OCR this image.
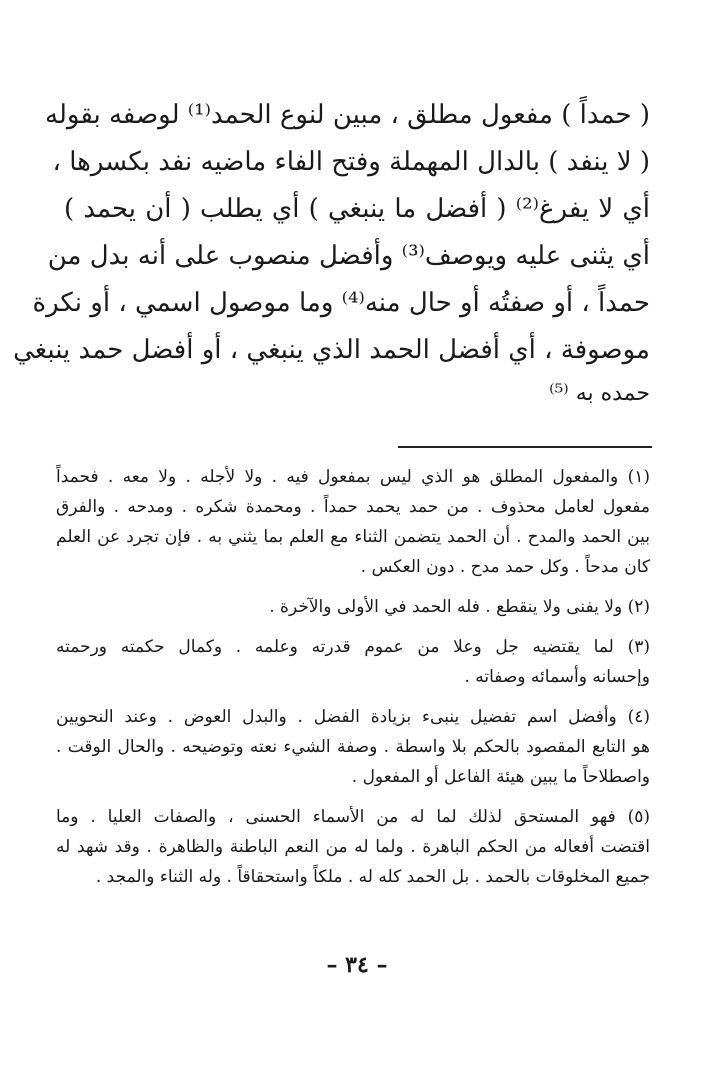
( حمداً ) مفعول مطلق ، مبين لنوع الحمد⁽¹⁾ لوصفه بقوله
( لا ينفد ) بالدال المهملة وفتح الفاء ماضيه نفد بكسرها ،
أي لا يفرغ⁽²⁾ ( أفضل ما ينبغي ) أي يطلب ( أن يحمد )
أي يثنى عليه ويوصف⁽³⁾ وأفضل منصوب على أنه بدل من
حمداً ، أو صفتُه أو حال منه⁽⁴⁾ وما موصول اسمي ، أو نكرة
موصوفة ، أي أفضل الحمد الذي ينبغي ، أو أفضل حمد ينبغي
حمده به ⁽⁵⁾
(١) والمفعول المطلق هو الذي ليس بمفعول فيه . ولا لأجله . ولا معه . فحمداً
مفعول لعامل محذوف . من حمد يحمد حمداً . ومحمدة شكره . ومدحه . والفرق
بين الحمد والمدح . أن الحمد يتضمن الثناء مع العلم بما يثني به . فإن تجرد عن العلم
كان مدحاً . وكل حمد مدح . دون العكس .
(٢) ولا يفنى ولا ينقطع . فله الحمد في الأولى والآخرة .
(٣) لما يقتضيه جل وعلا من عموم قدرته وعلمه . وكمال حكمته ورحمته
وإحسانه وأسمائه وصفاته .
(٤) وأفضل اسم تفضيل ينبىء بزيادة الفضل . والبدل العوض . وعند النحويين
هو التابع المقصود بالحكم بلا واسطة . وصفة الشيء نعته وتوضيحه . والحال الوقت .
واصطلاحاً ما يبين هيئة الفاعل أو المفعول .
(٥) فهو المستحق لذلك لما له من الأسماء الحسنى ، والصفات العليا . وما
اقتضت أفعاله من الحكم الباهرة . ولما له من النعم الباطنة والظاهرة . وقد شهد له
جميع المخلوقات بالحمد . بل الحمد كله له . ملكاً واستحقاقاً . وله الثناء والمجد .
– ٣٤ –
